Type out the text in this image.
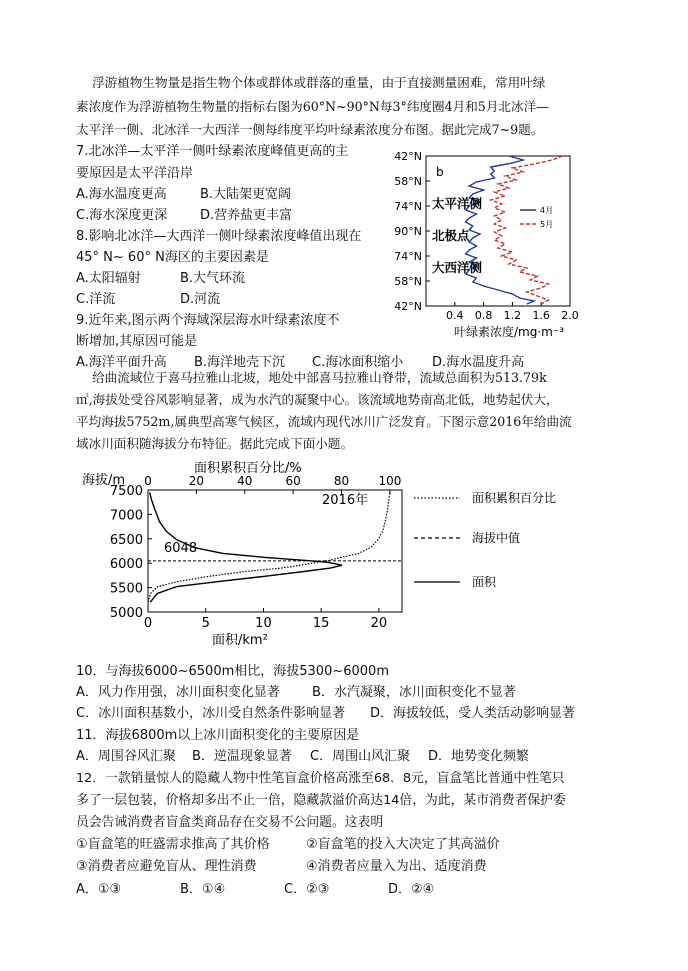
浮游植物生物量是指生物个体或群体或群落的重量，由于直接测量困难，常用叶绿
素浓度作为浮游植物生物量的指标右图为60°N~90°N每3°纬度圈4月和5月北冰洋—
太平洋一侧、北冰洋一大西洋一侧每纬度平均叶绿素浓度分布图。据此完成7~9题。
7.北冰洋—太平洋一侧叶绿素浓度峰值更高的主
要原因是太平洋沿岸
A.海水温度更高	B.大陆架更宽阔
C.海水深度更深	D.营养盐更丰富
8.影响北冰洋—大西洋一侧叶绿素浓度峰值出现在
45° N~ 60° N海区的主要因素是
A.太阳辐射	B.大气环流
C.洋流	D.河流
9.近年来,图示两个海域深层海水叶绿素浓度不
断增加,其原因可能是
A.海洋平面升高 B.海洋地壳下沉 C.海冰面积缩小 D.海水温度升高
42°N
58°N
74°N
90°N
74°N
58°N
42°N
0.4 0.8 1.2 1.6 2.0
b
太平洋侧
北极点
大西洋侧
4月
5月
叶绿素浓度/mg·m⁻³
给曲流域位于喜马拉雅山北坡，地处中部喜马拉雅山脊带，流域总面积为513.79k
㎡,海拔处受谷风影响显著，成为水汽的凝聚中心。该流域地势南高北低，地势起伏大，
平均海拔5752m,属典型高寒气候区，流域内现代冰川广泛发育。下图示意2016年给曲流
域冰川面积随海拔分布特征。据此完成下面小题。
面积累积百分比/%
海拔/m
5000
5500
6000
6500
7000
7500
0	5	10	15	20
0	20	40	60	80 100
2016年
6048
面积/km²
面积累积百分比
海拔中值
面积
10．与海拔6000~6500m相比，海拔5300~6000m
A．风力作用强，冰川面积变化显著 B．水汽凝聚，冰川面积变化不显著
C．冰川面积基数小，冰川受自然条件影响显著 D．海拔较低，受人类活动影响显著
11．海拔6800m以上冰川面积变化的主要原因是
A．周围谷风汇聚 B．逆温现象显著 C．周围山风汇聚 D．地势变化频繁
12．一款销量惊人的隐藏人物中性笔盲盒价格高涨至68．8元，盲盒笔比普通中性笔只
多了一层包装，价格却多出不止一倍，隐藏款溢价高达14倍，为此，某市消费者保护委
员会告诫消费者盲盒类商品存在交易不公问题。这表明
①盲盒笔的旺盛需求推高了其价格	②盲盒笔的投入大决定了其高溢价
③消费者应避免盲从、理性消费	④消费者应量入为出、适度消费
A．①③	B．①④	C．②③	D．②④
